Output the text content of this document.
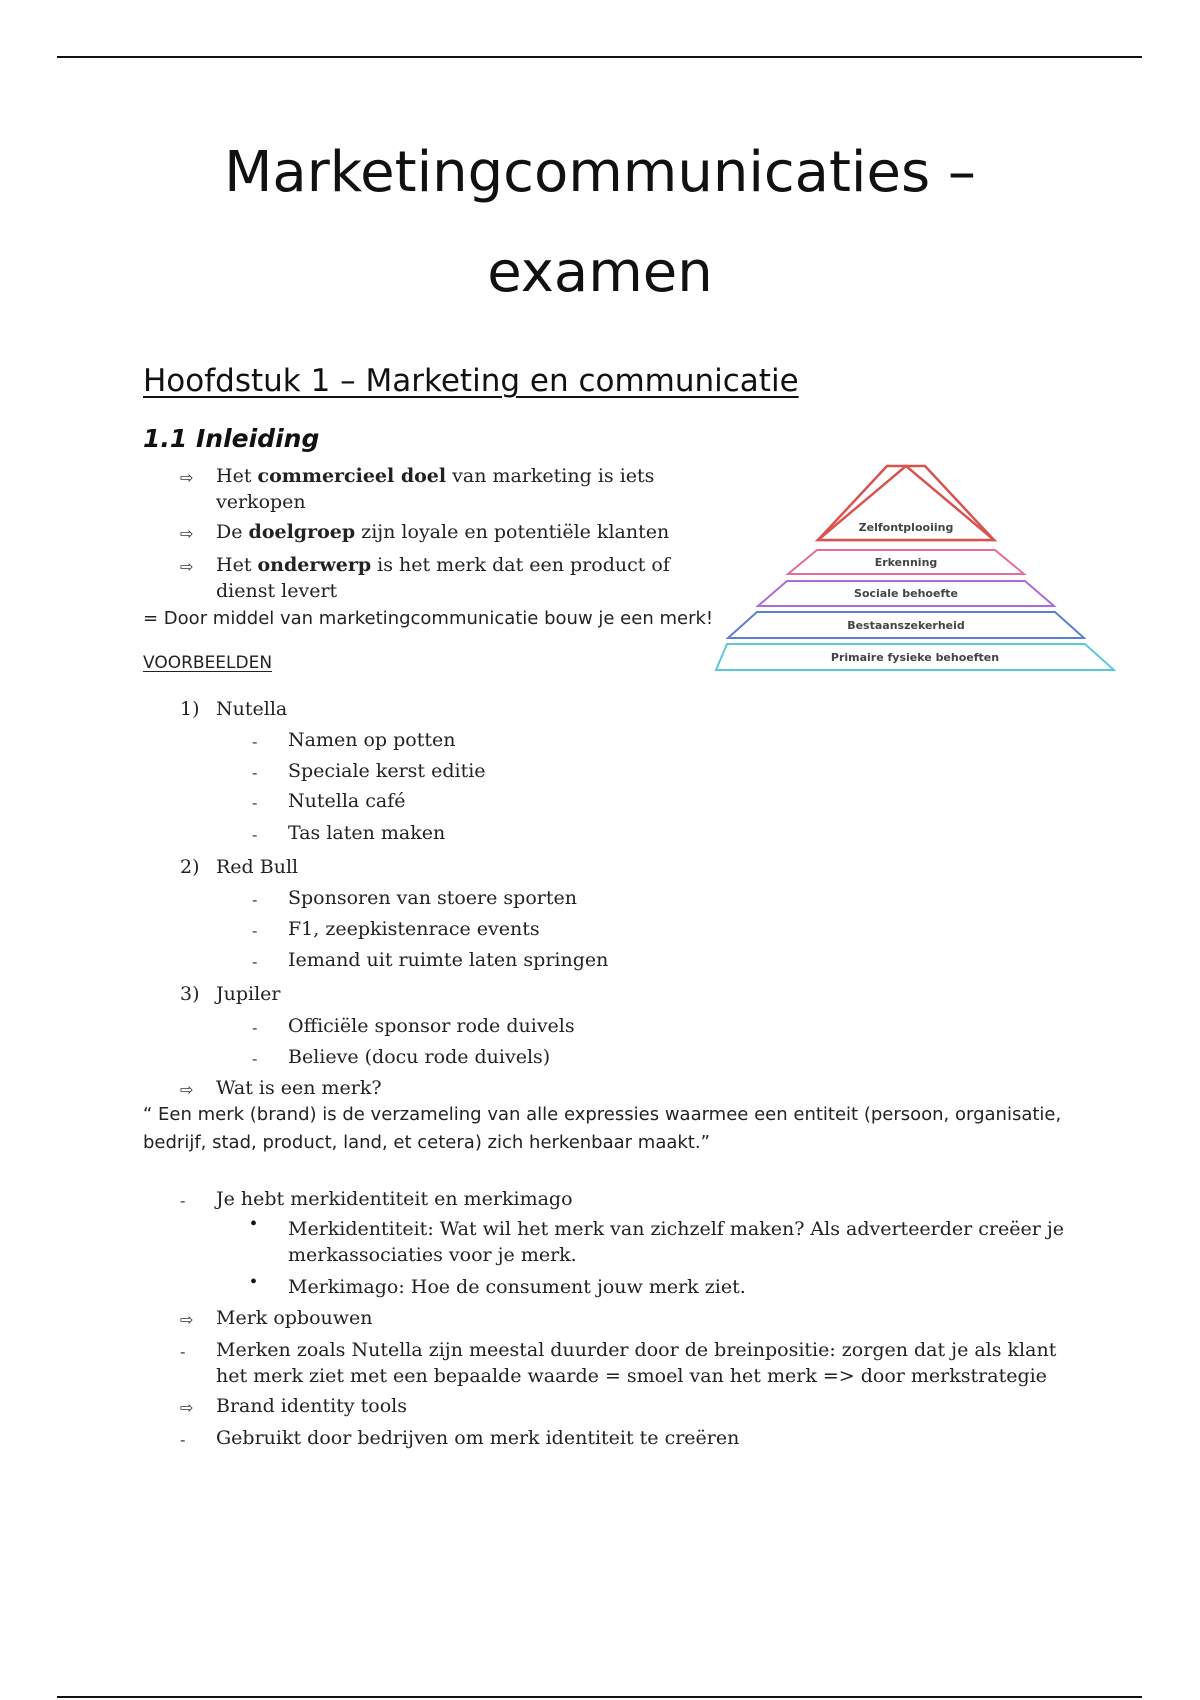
Marketingcommunicaties –
examen
Hoofdstuk 1 – Marketing en communicatie
1.1 Inleiding
⇨ Het commercieel doel van marketing is iets
verkopen
⇨ De doelgroep zijn loyale en potentiële klanten
⇨ Het onderwerp is het merk dat een product of
dienst levert
= Door middel van marketingcommunicatie bouw je een merk!
VOORBEELDEN
Zelfontplooiing
Erkenning
Sociale behoefte
Bestaanszekerheid
Primaire fysieke behoeften
1) Nutella
- Namen op potten
- Speciale kerst editie
- Nutella café
- Tas laten maken
2) Red Bull
- Sponsoren van stoere sporten
- F1, zeepkistenrace events
- Iemand uit ruimte laten springen
3) Jupiler
- Officiële sponsor rode duivels
- Believe (docu rode duivels)
⇨ Wat is een merk?
“ Een merk (brand) is de verzameling van alle expressies waarmee een entiteit (persoon, organisatie,
bedrijf, stad, product, land, et cetera) zich herkenbaar maakt.”
- Je hebt merkidentiteit en merkimago
• Merkidentiteit: Wat wil het merk van zichzelf maken? Als adverteerder creëer je
merkassociaties voor je merk.
• Merkimago: Hoe de consument jouw merk ziet.
⇨ Merk opbouwen
- Merken zoals Nutella zijn meestal duurder door de breinpositie: zorgen dat je als klant
het merk ziet met een bepaalde waarde = smoel van het merk => door merkstrategie
⇨ Brand identity tools
- Gebruikt door bedrijven om merk identiteit te creëren
